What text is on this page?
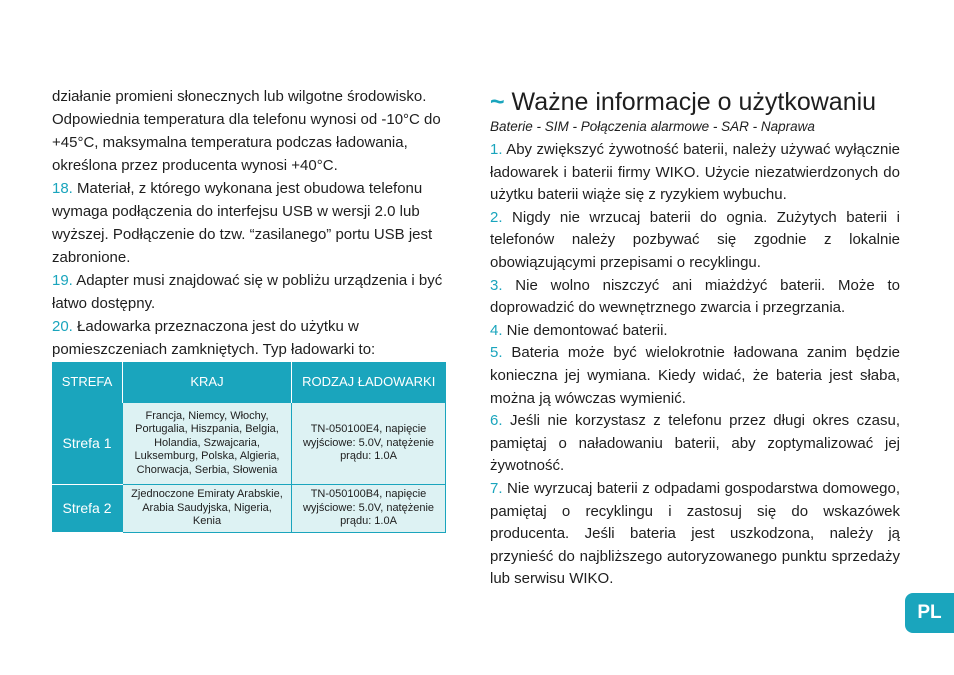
działanie promieni słonecznych lub wilgotne środowisko. Odpowiednia temperatura dla telefonu wynosi od -10°C do +45°C, maksymalna temperatura podczas ładowania, określona przez producenta wynosi +40°C.

18. Materiał, z którego wykonana jest obudowa telefonu wymaga podłączenia do interfejsu USB w wersji 2.0 lub wyższej. Podłączenie do tzw. “zasilanego” portu USB jest zabronione.

19. Adapter musi znajdować się w pobliżu urządzenia i być łatwo dostępny.

20. Ładowarka przeznaczona jest do użytku w pomieszczeniach zamkniętych. Typ ładowarki to:

STREFA	KRAJ	RODZAJ ŁADOWARKI
Strefa 1	Francja, Niemcy, Włochy, Portugalia, Hiszpania, Belgia, Holandia, Szwajcaria, Luksemburg, Polska, Algieria, Chorwacja, Serbia, Słowenia	TN-050100E4, napięcie wyjściowe: 5.0V, natężenie prądu: 1.0A
Strefa 2	Zjednoczone Emiraty Arabskie, Arabia Saudyjska, Nigeria, Kenia	TN-050100B4, napięcie wyjściowe: 5.0V, natężenie prądu: 1.0A
~ Ważne informacje o użytkowaniu
Baterie - SIM - Połączenia alarmowe - SAR - Naprawa

1. Aby zwiększyć żywotność baterii, należy używać wyłącznie ładowarek i baterii firmy WIKO. Użycie niezatwierdzonych do użytku baterii wiąże się z ryzykiem wybuchu.

2. Nigdy nie wrzucaj baterii do ognia. Zużytych baterii i telefonów należy pozbywać się zgodnie z lokalnie obowiązującymi przepisami o recyklingu.

3. Nie wolno niszczyć ani miażdżyć baterii. Może to doprowadzić do wewnętrznego zwarcia i przegrzania.

4. Nie demontować baterii.

5. Bateria może być wielokrotnie ładowana zanim będzie konieczna jej wymiana. Kiedy widać, że bateria jest słaba, można ją wówczas wymienić.

6. Jeśli nie korzystasz z telefonu przez długi okres czasu, pamiętaj o naładowaniu baterii, aby zoptymalizować jej żywotność.

7. Nie wyrzucaj baterii z odpadami gospodarstwa domowego, pamiętaj o recyklingu i zastosuj się do wskazówek producenta. Jeśli bateria jest uszkodzona, należy ją przynieść do najbliższego autoryzowanego punktu sprzedaży lub serwisu WIKO.

PL
